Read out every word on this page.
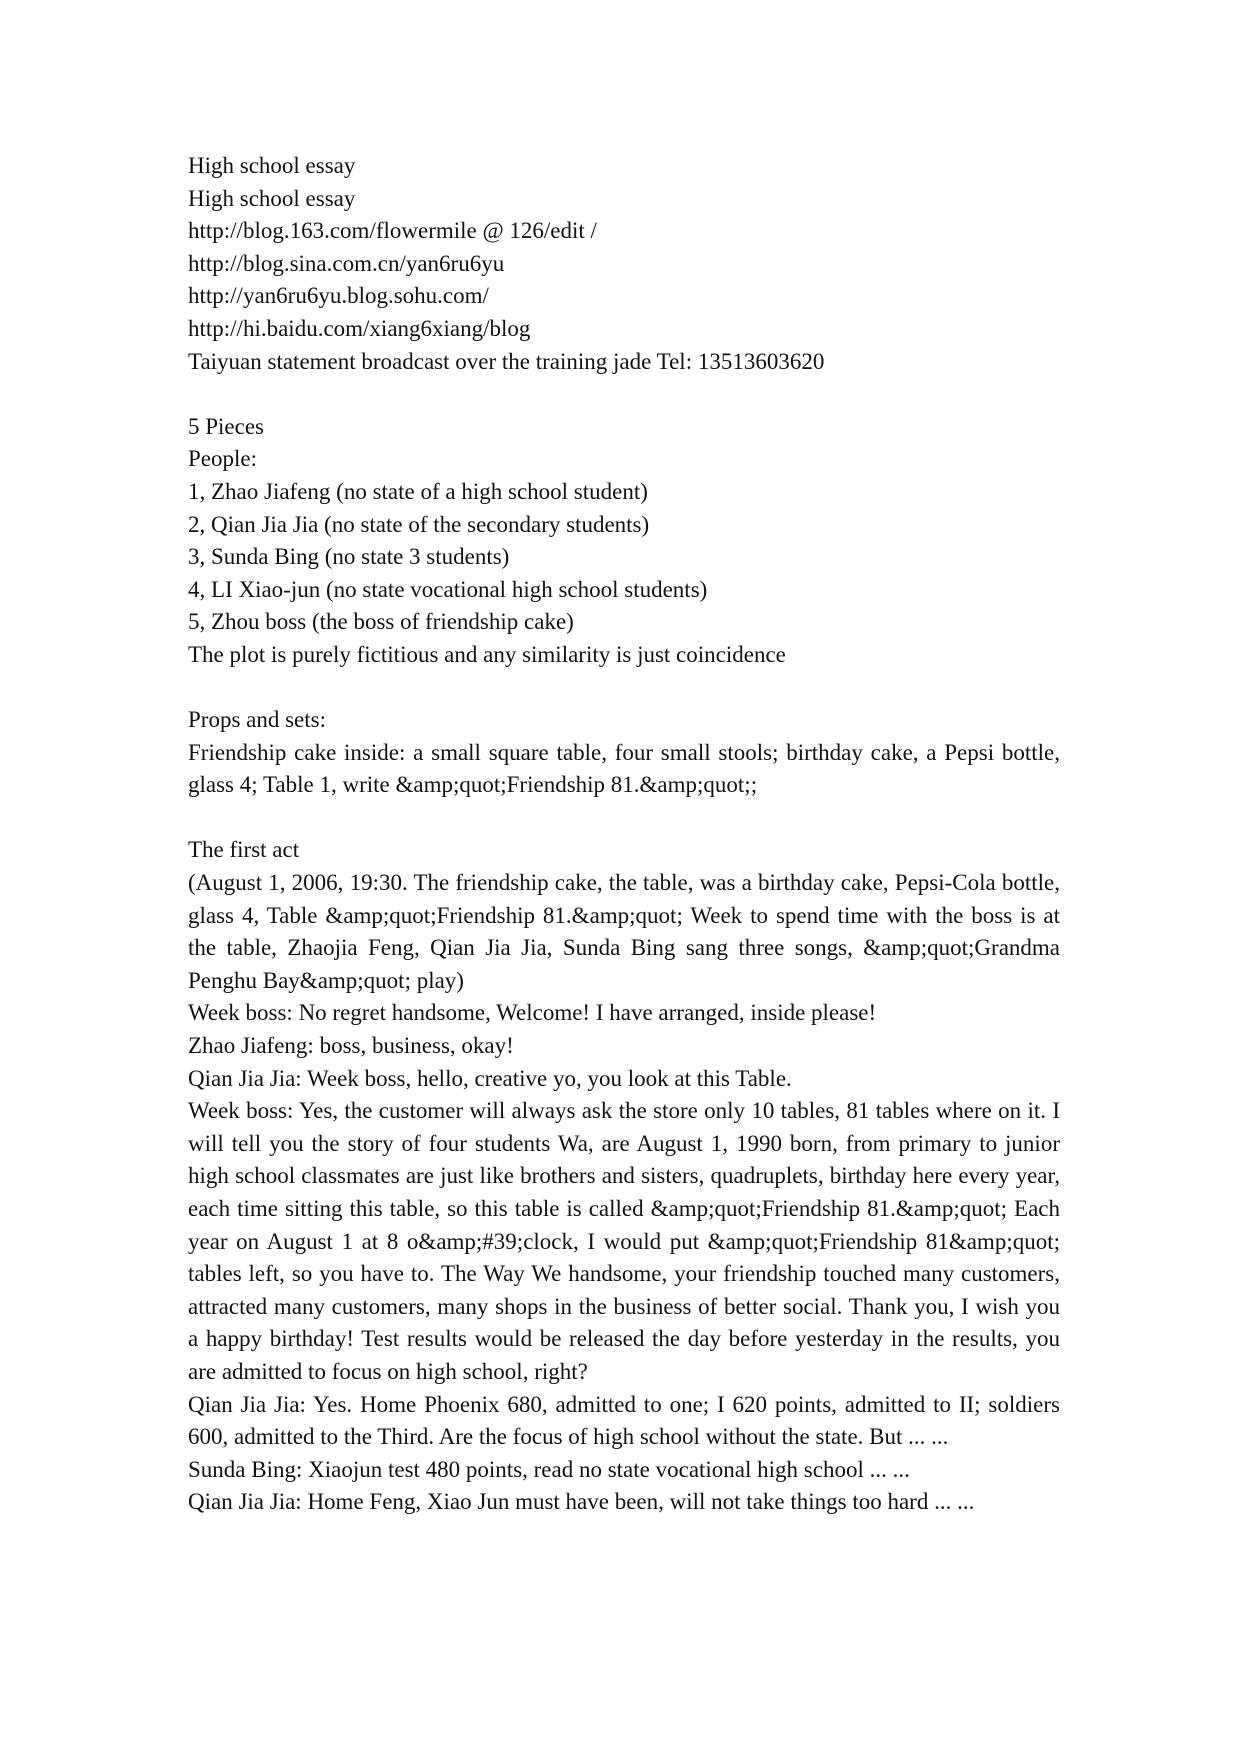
High school essay
High school essay
http://blog.163.com/flowermile @ 126/edit /
http://blog.sina.com.cn/yan6ru6yu
http://yan6ru6yu.blog.sohu.com/
http://hi.baidu.com/xiang6xiang/blog
Taiyuan statement broadcast over the training jade Tel: 13513603620
5 Pieces
People:
1, Zhao Jiafeng (no state of a high school student)
2, Qian Jia Jia (no state of the secondary students)
3, Sunda Bing (no state 3 students)
4, LI Xiao-jun (no state vocational high school students)
5, Zhou boss (the boss of friendship cake)
The plot is purely fictitious and any similarity is just coincidence
Props and sets:
Friendship cake inside: a small square table, four small stools; birthday cake, a Pepsi bottle, glass 4; Table 1, write &amp;quot;Friendship 81.&amp;quot;;
The first act
(August 1, 2006, 19:30. The friendship cake, the table, was a birthday cake, Pepsi-Cola bottle, glass 4, Table &amp;quot;Friendship 81.&amp;quot; Week to spend time with the boss is at the table, Zhaojia Feng, Qian Jia Jia, Sunda Bing sang three songs, &amp;quot;Grandma Penghu Bay&amp;quot; play)
Week boss: No regret handsome, Welcome! I have arranged, inside please!
Zhao Jiafeng: boss, business, okay!
Qian Jia Jia: Week boss, hello, creative yo, you look at this Table.
Week boss: Yes, the customer will always ask the store only 10 tables, 81 tables where on it. I will tell you the story of four students Wa, are August 1, 1990 born, from primary to junior high school classmates are just like brothers and sisters, quadruplets, birthday here every year, each time sitting this table, so this table is called &amp;quot;Friendship 81.&amp;quot; Each year on August 1 at 8 o&amp;#39;clock, I would put &amp;quot;Friendship 81&amp;quot; tables left, so you have to. The Way We handsome, your friendship touched many customers, attracted many customers, many shops in the business of better social. Thank you, I wish you a happy birthday! Test results would be released the day before yesterday in the results, you are admitted to focus on high school, right?
Qian Jia Jia: Yes. Home Phoenix 680, admitted to one; I 620 points, admitted to II; soldiers 600, admitted to the Third. Are the focus of high school without the state. But ... ...
Sunda Bing: Xiaojun test 480 points, read no state vocational high school ... ...
Qian Jia Jia: Home Feng, Xiao Jun must have been, will not take things too hard ... ...
